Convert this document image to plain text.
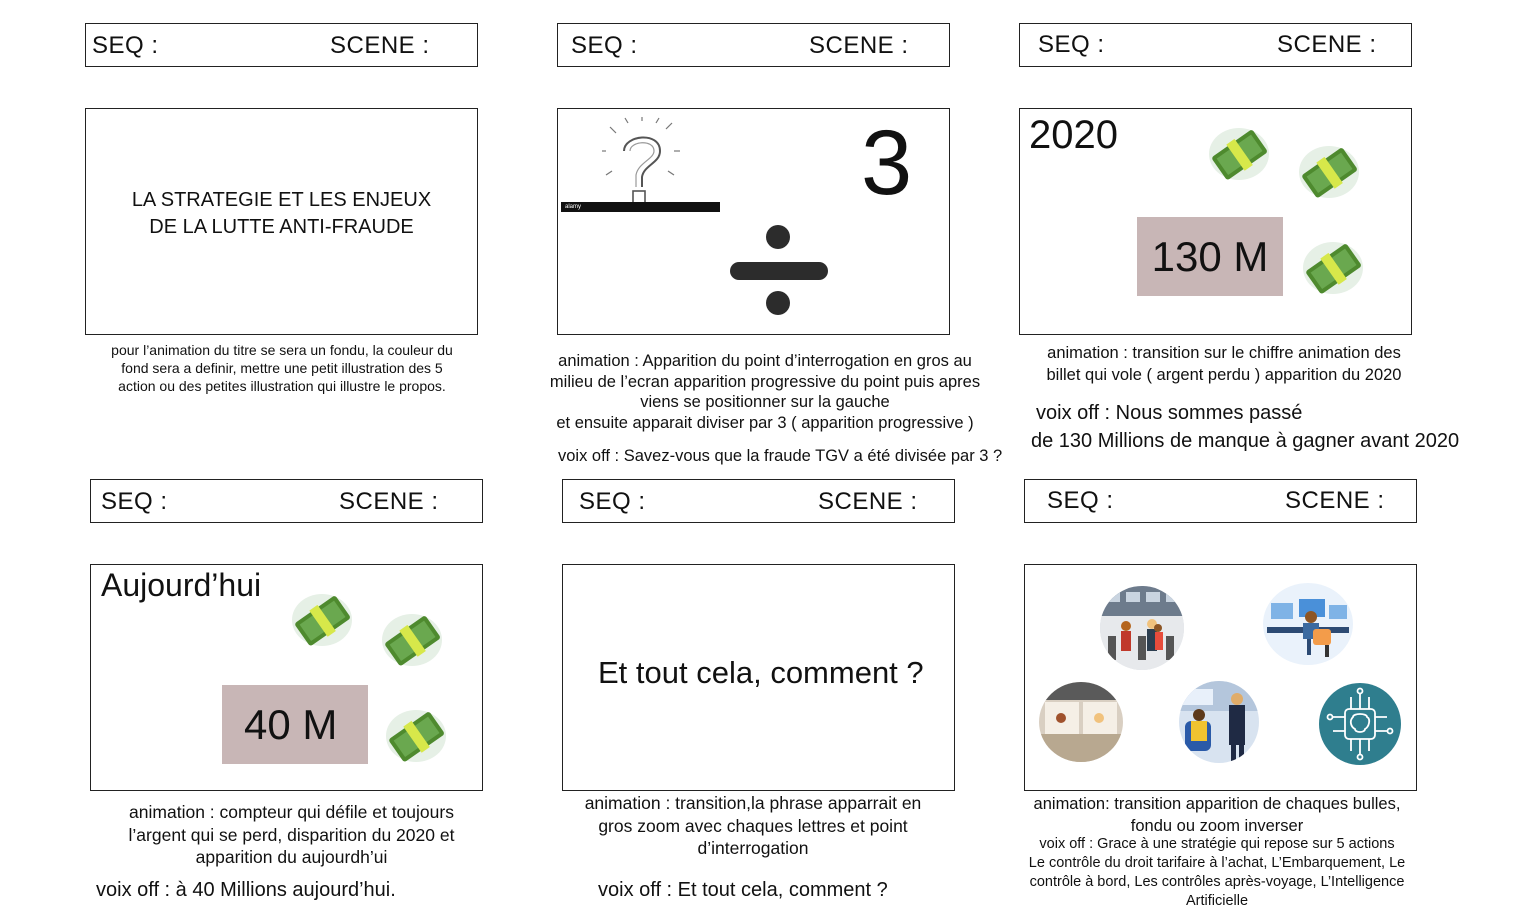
SEQ :	SCENE :	SEQ :	SCENE :	SEQ :	SCENE :
LA STRATEGIE ET LES ENJEUX
DE LA LUTTE ANTI-FRAUDE
pour l’animation du titre se sera un fondu, la couleur du
fond sera a definir, mettre une petit illustration des 5
action ou des petites illustration qui illustre le propos.
alamy	3
animation : Apparition du point d’interrogation en gros au
milieu de l’ecran apparition progressive du point puis apres
viens se positionner sur la gauche
et ensuite apparait diviser par 3 ( apparition progressive )
voix off : Savez-vous que la fraude TGV a été divisée par 3 ?
2020
130 M
animation : transition sur le chiffre animation des
billet qui vole ( argent perdu ) apparition du 2020
voix off : Nous sommes passé
de 130 Millions de manque à gagner avant 2020
SEQ :	SCENE :	SEQ :	SCENE :	SEQ :	SCENE :
Aujourd’hui
40 M
animation : compteur qui défile et toujours
l’argent qui se perd, disparition du 2020 et
apparition du aujourdh’ui
voix off : à 40 Millions aujourd’hui.
Et tout cela, comment ?
animation : transition,la phrase apparrait en
gros zoom avec chaques lettres et point
d’interrogation
voix off : Et tout cela, comment ?
animation: transition apparition de chaques bulles,
fondu ou zoom inverser
voix off : Grace à une stratégie qui repose sur 5 actions
Le contrôle du droit tarifaire à l’achat, L’Embarquement, Le
contrôle à bord, Les contrôles après-voyage, L’Intelligence
Artificielle
